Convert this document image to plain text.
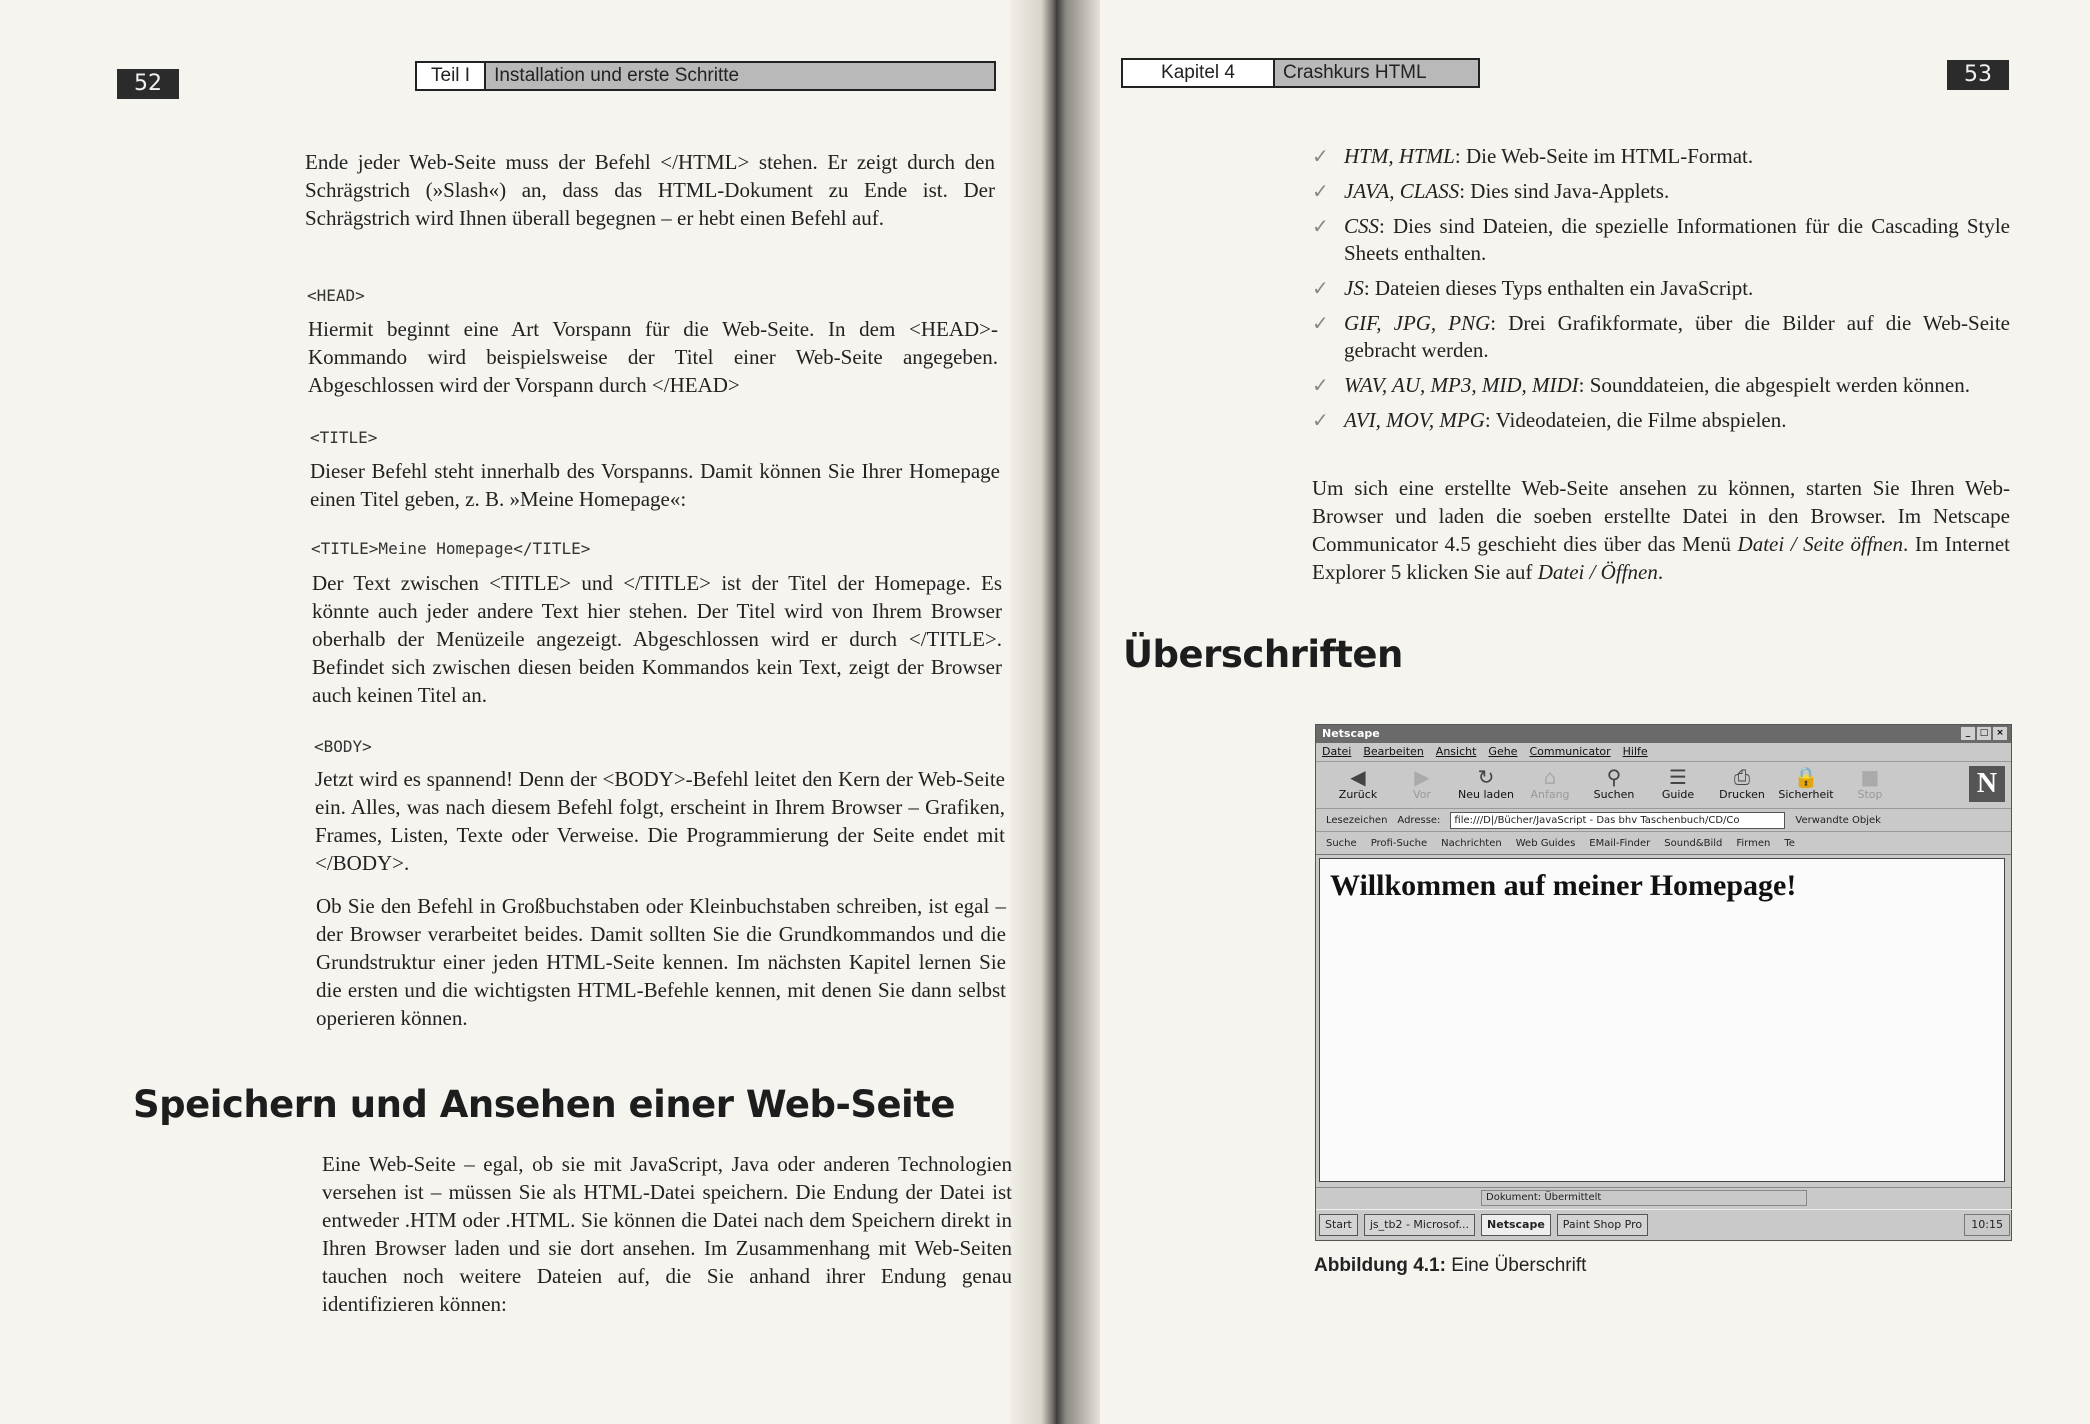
52	Teil I	Installation und erste Schritte

Ende jeder Web-Seite muss der Befehl </HTML> stehen. Er zeigt durch den Schrägstrich (»Slash«) an, dass das HTML-Dokument zu Ende ist. Der Schrägstrich wird Ihnen überall begegnen – er hebt einen Befehl auf.

<HEAD>

Hiermit beginnt eine Art Vorspann für die Web-Seite. In dem <HEAD>-Kommando wird beispielsweise der Titel einer Web-Seite angegeben. Abgeschlossen wird der Vorspann durch </HEAD>

<TITLE>

Dieser Befehl steht innerhalb des Vorspanns. Damit können Sie Ihrer Homepage einen Titel geben, z. B. »Meine Homepage«:

<TITLE>Meine Homepage</TITLE>

Der Text zwischen <TITLE> und </TITLE> ist der Titel der Homepage. Es könnte auch jeder andere Text hier stehen. Der Titel wird von Ihrem Browser oberhalb der Menüzeile angezeigt. Abgeschlossen wird er durch </TITLE>. Befindet sich zwischen diesen beiden Kommandos kein Text, zeigt der Browser auch keinen Titel an.

<BODY>

Jetzt wird es spannend! Denn der <BODY>-Befehl leitet den Kern der Web-Seite ein. Alles, was nach diesem Befehl folgt, erscheint in Ihrem Browser – Grafiken, Frames, Listen, Texte oder Verweise. Die Programmierung der Seite endet mit </BODY>.

Ob Sie den Befehl in Großbuchstaben oder Kleinbuchstaben schreiben, ist egal – der Browser verarbeitet beides. Damit sollten Sie die Grundkommandos und die Grundstruktur einer jeden HTML-Seite kennen. Im nächsten Kapitel lernen Sie die ersten und die wichtigsten HTML-Befehle kennen, mit denen Sie dann selbst operieren können.

Speichern und Ansehen einer Web-Seite

Eine Web-Seite – egal, ob sie mit JavaScript, Java oder anderen Technologien versehen ist – müssen Sie als HTML-Datei speichern. Die Endung der Datei ist entweder .HTM oder .HTML. Sie können die Datei nach dem Speichern direkt in Ihren Browser laden und sie dort ansehen. Im Zusammenhang mit Web-Seiten tauchen noch weitere Dateien auf, die Sie anhand ihrer Endung genau identifizieren können:

Kapitel 4	Crashkurs HTML	53
✓ HTM, HTML: Die Web-Seite im HTML-Format.
✓ JAVA, CLASS: Dies sind Java-Applets.
✓ CSS: Dies sind Dateien, die spezielle Informationen für die Cascading Style Sheets enthalten.
✓ JS: Dateien dieses Typs enthalten ein JavaScript.
✓ GIF, JPG, PNG: Drei Grafikformate, über die Bilder auf die Web-Seite gebracht werden.
✓ WAV, AU, MP3, MID, MIDI: Sounddateien, die abgespielt werden können.
✓ AVI, MOV, MPG: Videodateien, die Filme abspielen.

Um sich eine erstellte Web-Seite ansehen zu können, starten Sie Ihren Web-Browser und laden die soeben erstellte Datei in den Browser. Im Netscape Communicator 4.5 geschieht dies über das Menü Datei / Seite öffnen. Im Internet Explorer 5 klicken Sie auf Datei / Öffnen.

Überschriften
Netscape	_	□ ×
Datei Bearbeiten Ansicht Gehe Communicator Hilfe
◀
Zurück
▶
Vor
↻
Neu laden
⌂
Anfang
⚲
Suchen
☰
Guide
⎙
Drucken
🔒
Sicherheit
■
Stop	N
Lesezeichen Adresse:	file:///D|/Bücher/JavaScript - Das bhv Taschenbuch/CD/Co	Verwandte Objek
Suche Profi-Suche Nachrichten Web Guides EMail-Finder Sound&Bild Firmen Te
Willkommen auf meiner Homepage!
Dokument: Übermittelt
Start	js_tb2 - Microsof...	Netscape	Paint Shop Pro	10:15
Abbildung 4.1: Eine Überschrift
